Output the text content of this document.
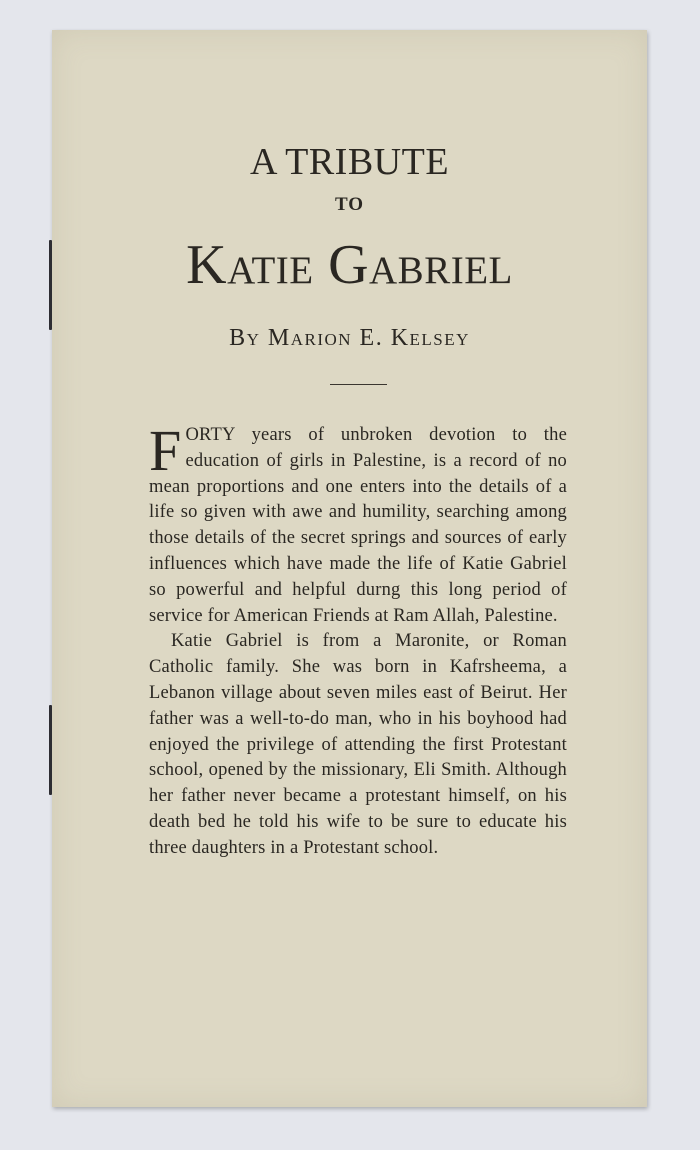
A TRIBUTE
TO
Katie Gabriel
By Marion E. Kelsey

FORTY years of unbroken devotion to the education of girls in Palestine, is a record of no mean proportions and one enters into the details of a life so given with awe and humility, searching among those details of the secret springs and sources of early influences which have made the life of Katie Gabriel so powerful and helpful durng this long period of service for American Friends at Ram Allah, Palestine.

Katie Gabriel is from a Maronite, or Roman Catholic family. She was born in Kafrsheema, a Lebanon village about seven miles east of Beirut. Her father was a well-to-do man, who in his boyhood had enjoyed the privilege of attending the first Protestant school, opened by the missionary, Eli Smith. Although her father never became a protestant himself, on his death bed he told his wife to be sure to educate his three daughters in a Protestant school.
